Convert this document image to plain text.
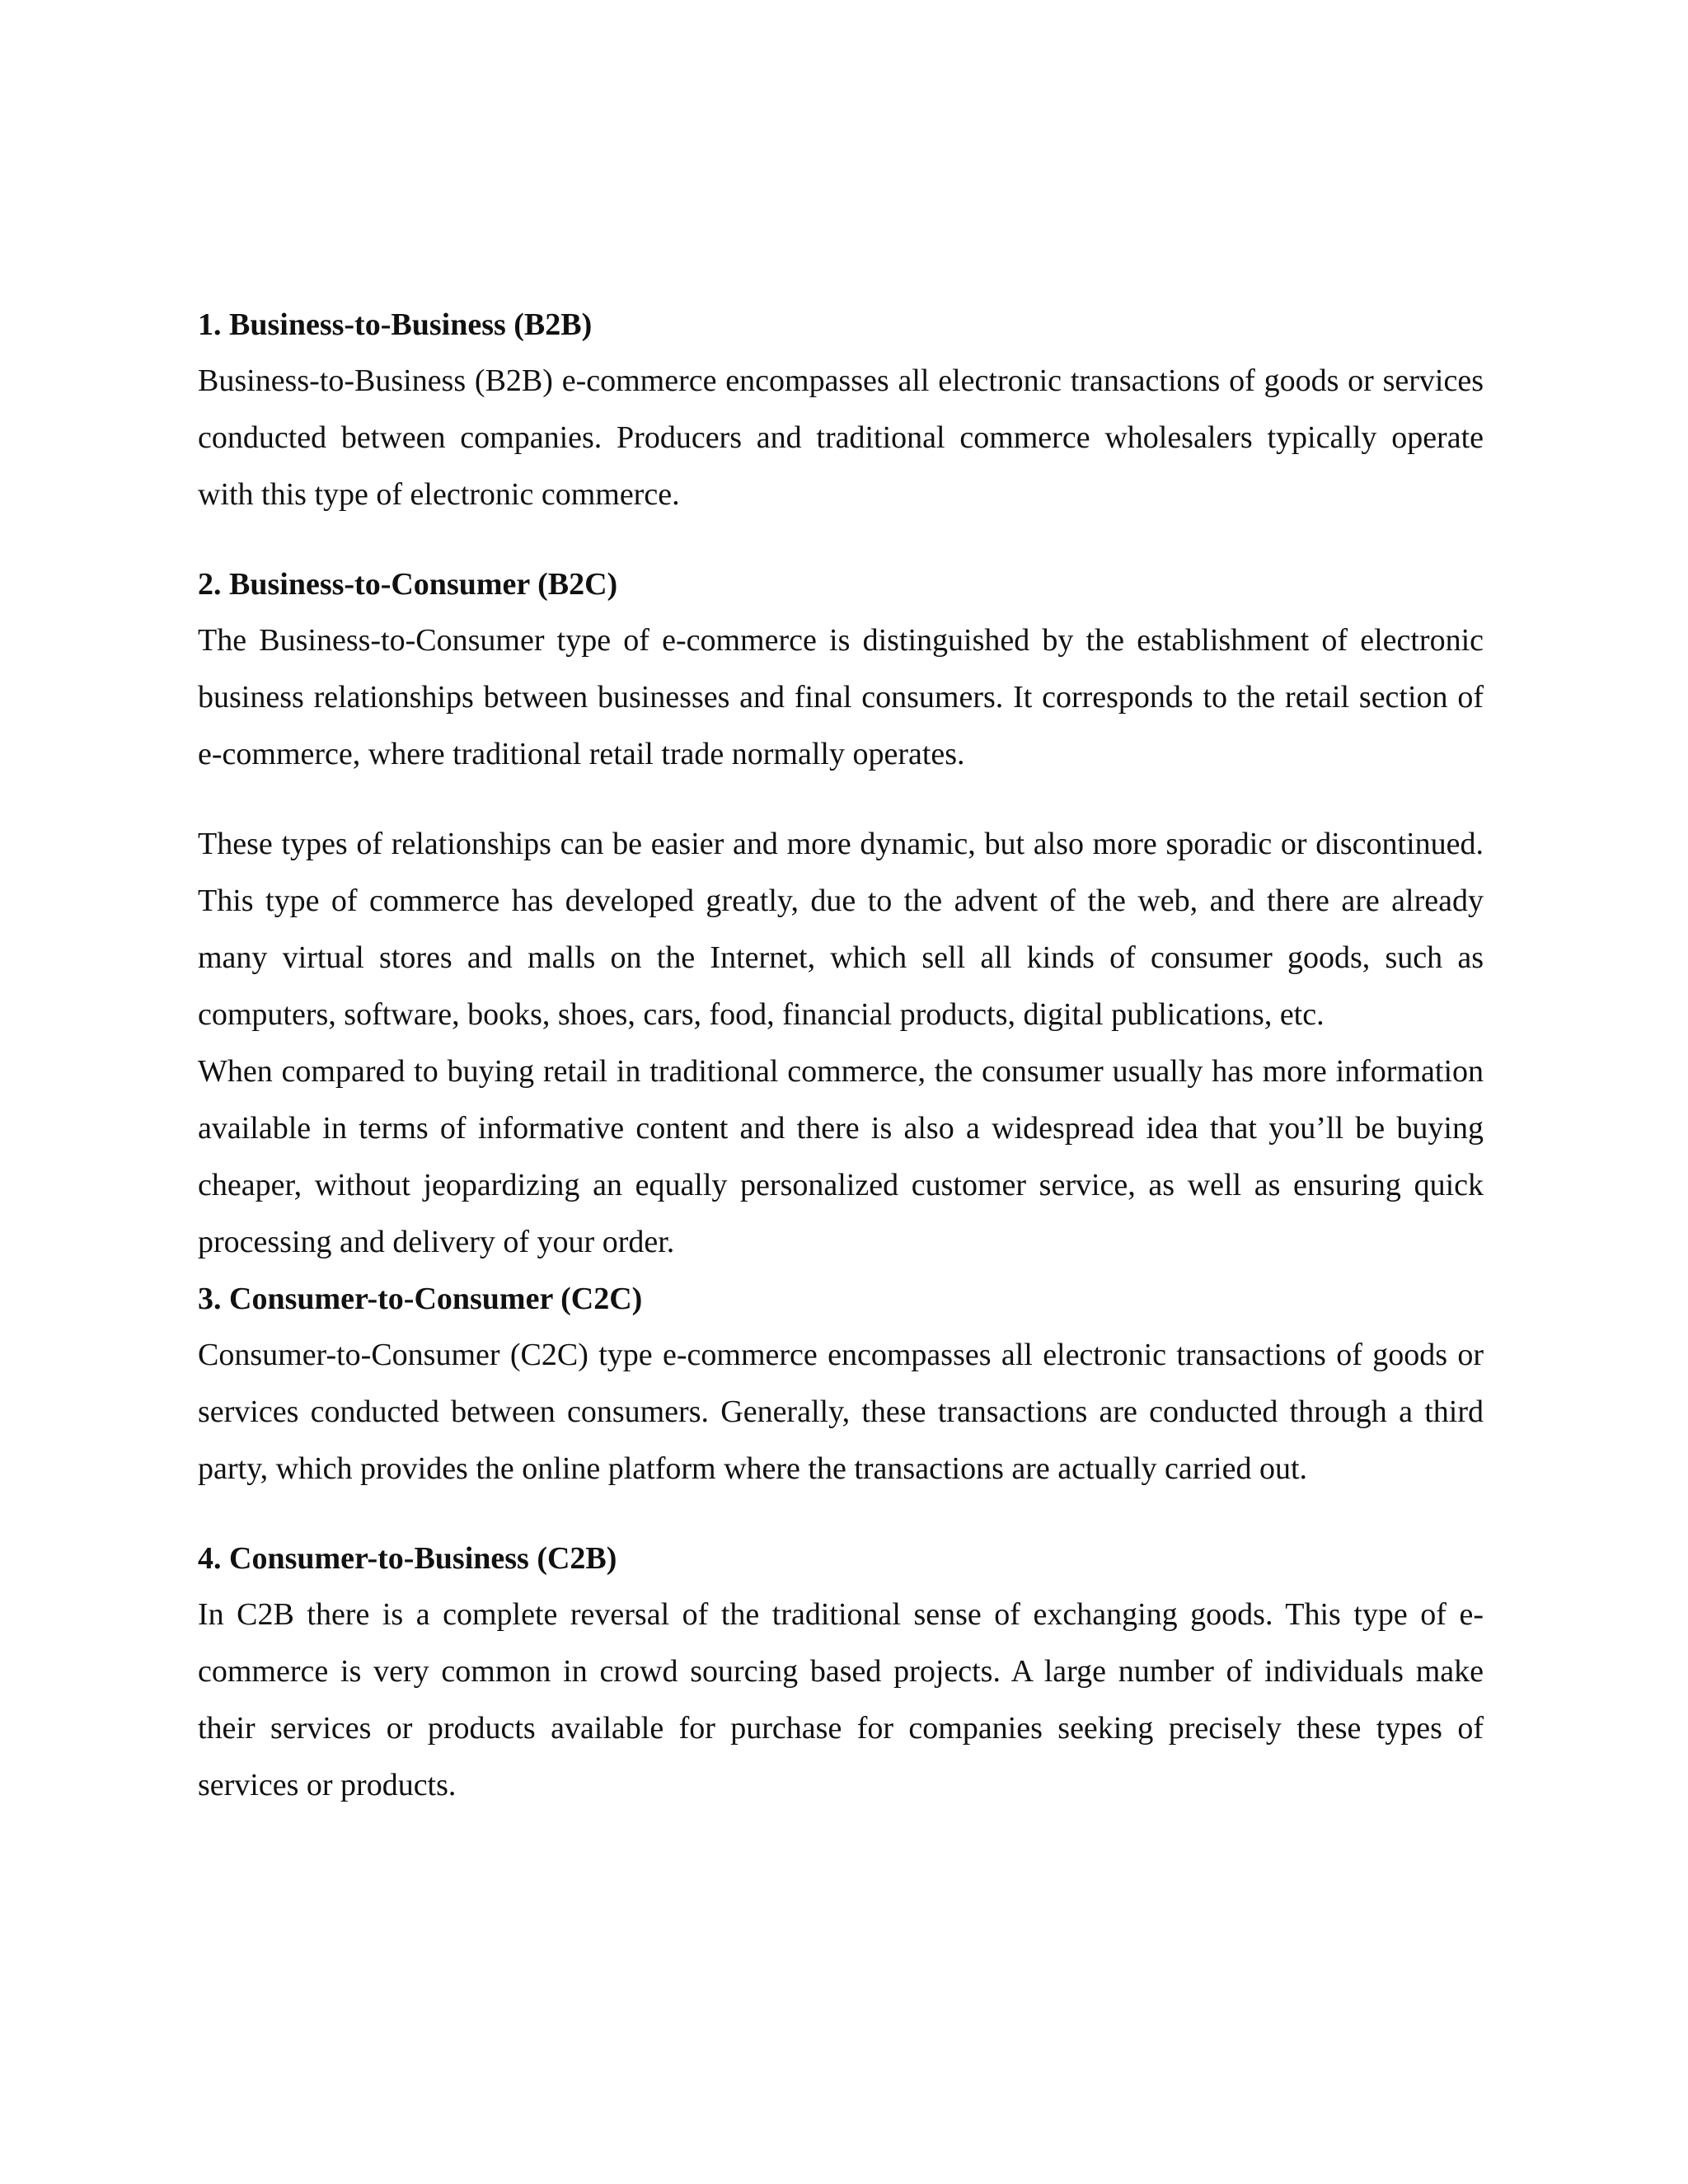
1. Business-to-Business (B2B)

Business-to-Business (B2B) e-commerce encompasses all electronic transactions of goods or services conducted between companies. Producers and traditional commerce wholesalers typically operate with this type of electronic commerce.

2. Business-to-Consumer (B2C)

The Business-to-Consumer type of e-commerce is distinguished by the establishment of electronic business relationships between businesses and final consumers. It corresponds to the retail section of e-commerce, where traditional retail trade normally operates.

These types of relationships can be easier and more dynamic, but also more sporadic or discontinued. This type of commerce has developed greatly, due to the advent of the web, and there are already many virtual stores and malls on the Internet, which sell all kinds of consumer goods, such as computers, software, books, shoes, cars, food, financial products, digital publications, etc.

When compared to buying retail in traditional commerce, the consumer usually has more information available in terms of informative content and there is also a widespread idea that you’ll be buying cheaper, without jeopardizing an equally personalized customer service, as well as ensuring quick processing and delivery of your order.

3. Consumer-to-Consumer (C2C)

Consumer-to-Consumer (C2C) type e-commerce encompasses all electronic transactions of goods or services conducted between consumers. Generally, these transactions are conducted through a third party, which provides the online platform where the transactions are actually carried out.

4. Consumer-to-Business (C2B)

In C2B there is a complete reversal of the traditional sense of exchanging goods. This type of e-commerce is very common in crowd sourcing based projects. A large number of individuals make their services or products available for purchase for companies seeking precisely these types of services or products.
